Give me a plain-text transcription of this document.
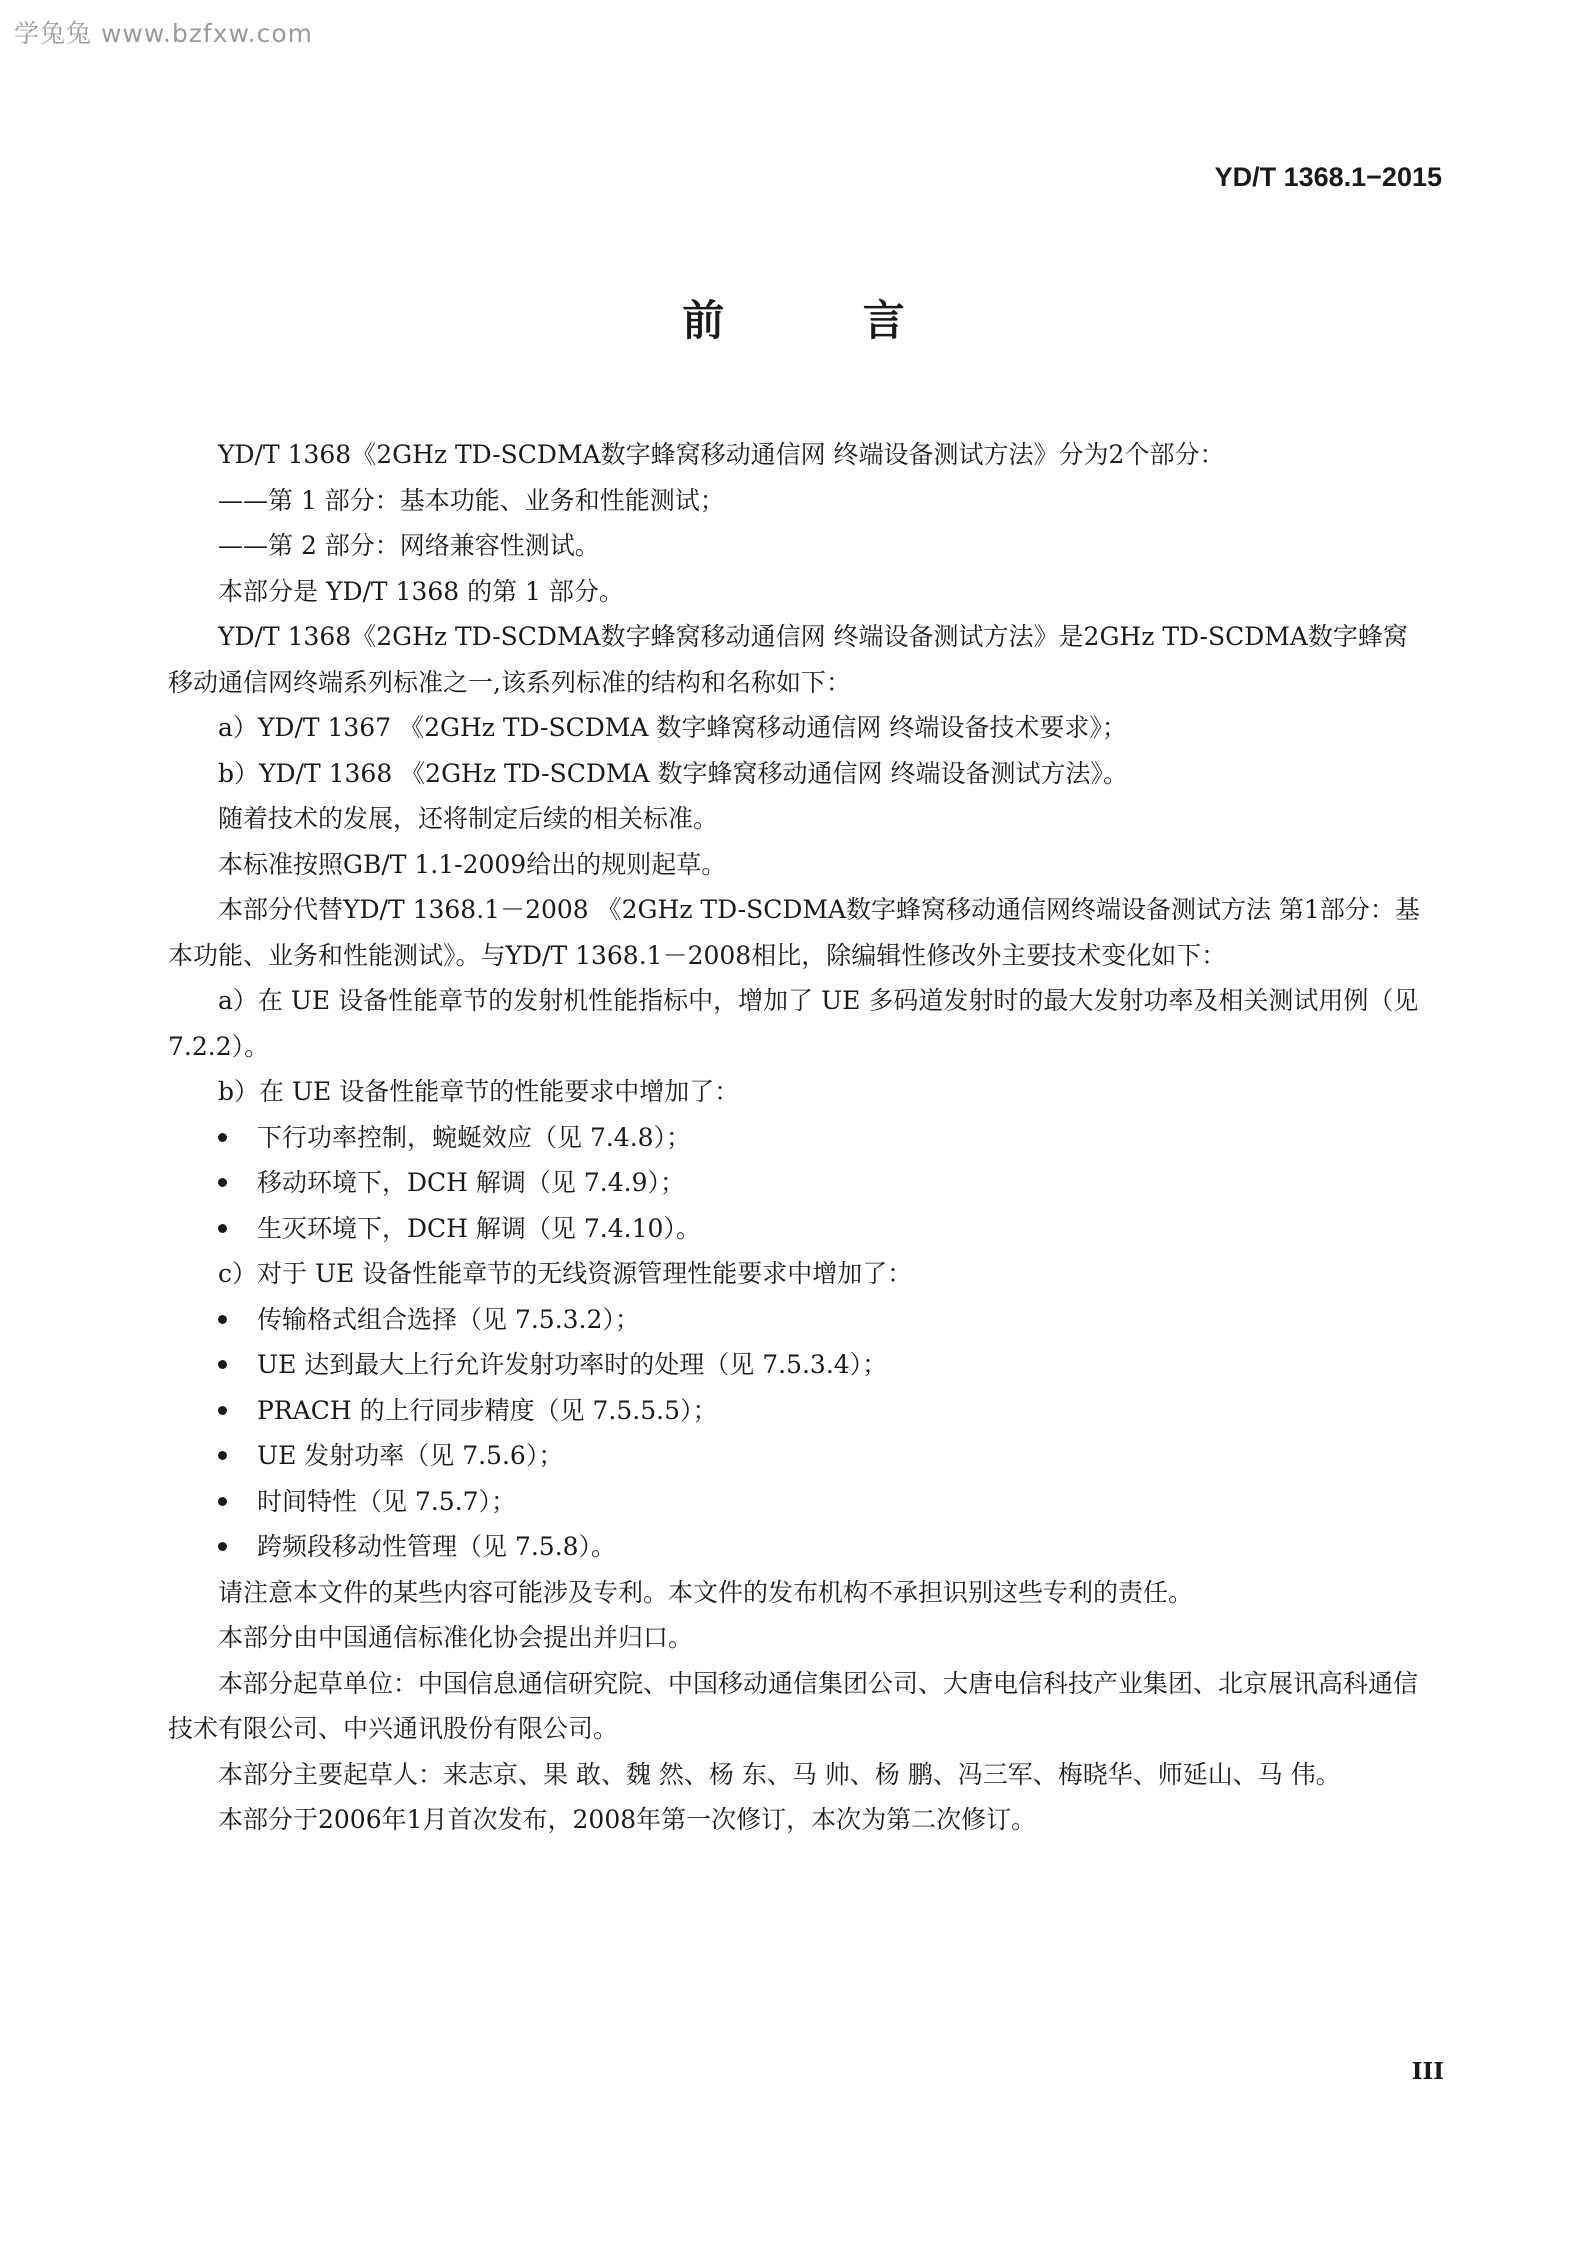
学兔兔 www.bzfxw.com
YD/T 1368.1−2015
前 言

YD/T 1368《2GHz TD-SCDMA数字蜂窝移动通信网 终端设备测试方法》分为2个部分：

——第 1 部分：基本功能、业务和性能测试；

——第 2 部分：网络兼容性测试。

本部分是 YD/T 1368 的第 1 部分。

YD/T 1368《2GHz TD-SCDMA数字蜂窝移动通信网 终端设备测试方法》是2GHz TD-SCDMA数字蜂窝移动通信网终端系列标准之一,该系列标准的结构和名称如下：

a）YD/T 1367 《2GHz TD-SCDMA 数字蜂窝移动通信网 终端设备技术要求》；

b）YD/T 1368 《2GHz TD-SCDMA 数字蜂窝移动通信网 终端设备测试方法》。

随着技术的发展，还将制定后续的相关标准。

本标准按照GB/T 1.1-2009给出的规则起草。

本部分代替YD/T 1368.1－2008 《2GHz TD-SCDMA数字蜂窝移动通信网终端设备测试方法 第1部分：基本功能、业务和性能测试》。与YD/T 1368.1－2008相比，除编辑性修改外主要技术变化如下：

a）在 UE 设备性能章节的发射机性能指标中，增加了 UE 多码道发射时的最大发射功率及相关测试用例（见 7.2.2）。

b）在 UE 设备性能章节的性能要求中增加了：

下行功率控制，蜿蜒效应（见 7.4.8）；

移动环境下，DCH 解调（见 7.4.9）；

生灭环境下，DCH 解调（见 7.4.10）。

c）对于 UE 设备性能章节的无线资源管理性能要求中增加了：

传输格式组合选择（见 7.5.3.2）；

UE 达到最大上行允许发射功率时的处理（见 7.5.3.4）；

PRACH 的上行同步精度（见 7.5.5.5）；

UE 发射功率（见 7.5.6）；

时间特性（见 7.5.7）；

跨频段移动性管理（见 7.5.8）。

请注意本文件的某些内容可能涉及专利。本文件的发布机构不承担识别这些专利的责任。

本部分由中国通信标准化协会提出并归口。

本部分起草单位：中国信息通信研究院、中国移动通信集团公司、大唐电信科技产业集团、北京展讯高科通信技术有限公司、中兴通讯股份有限公司。

本部分主要起草人：来志京、果 敢、魏 然、杨 东、马 帅、杨 鹏、冯三军、梅晓华、师延山、马 伟。

本部分于2006年1月首次发布，2008年第一次修订，本次为第二次修订。

III
